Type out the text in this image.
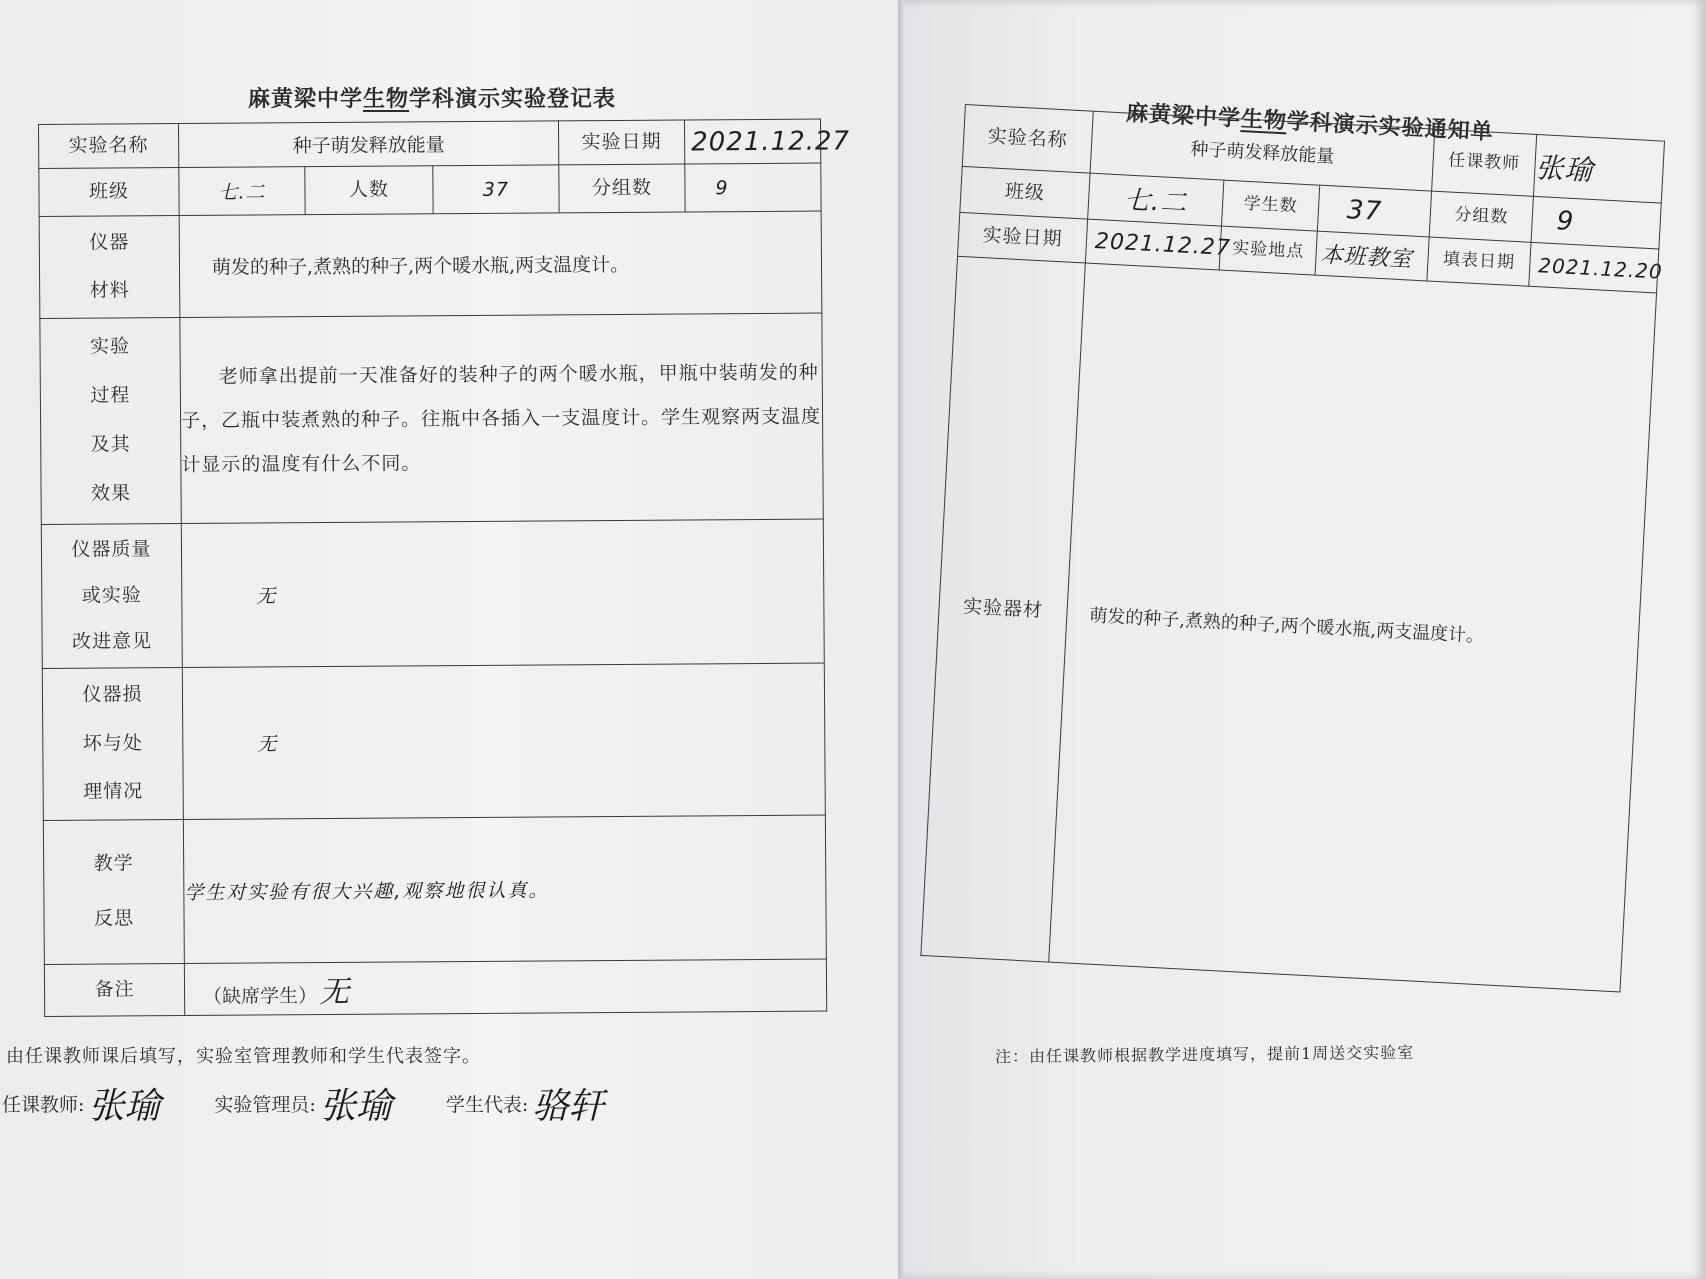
麻黄梁中学生物学科演示实验登记表
实验名称	种子萌发释放能量			实验日期	2021.12.27
班级	七.二	人数	37	分组数	9

仪器
材料	萌发的种子,煮熟的种子,两个暖水瓶,两支温度计。				

实验
过程
及其
效果	老师拿出提前一天准备好的装种子的两个暖水瓶，甲瓶中装萌发的种子，乙瓶中装煮熟的种子。往瓶中各插入一支温度计。学生观察两支温度计显示的温度有什么不同。				

仪器质量
或实验
改进意见	无				

仪器损
坏与处
理情况	无				

教学
反思	学生对实验有很大兴趣,观察地很认真。				
备注	（缺席学生）无				
由任课教师课后填写，实验室管理教师和学生代表签字。
任课教师: 张瑜	实验管理员: 张瑜	学生代表: 骆轩
麻黄梁中学生物学科演示实验通知单
实验名称	种子萌发释放能量			任课教师	张瑜
班级	七.二	学生数	37	分组数	9
实验日期	2021.12.27	实验地点	本班教室	填表日期	2021.12.20
实验器材	萌发的种子,煮熟的种子,两个暖水瓶,两支温度计。				
注：由任课教师根据教学进度填写，提前1周送交实验室
